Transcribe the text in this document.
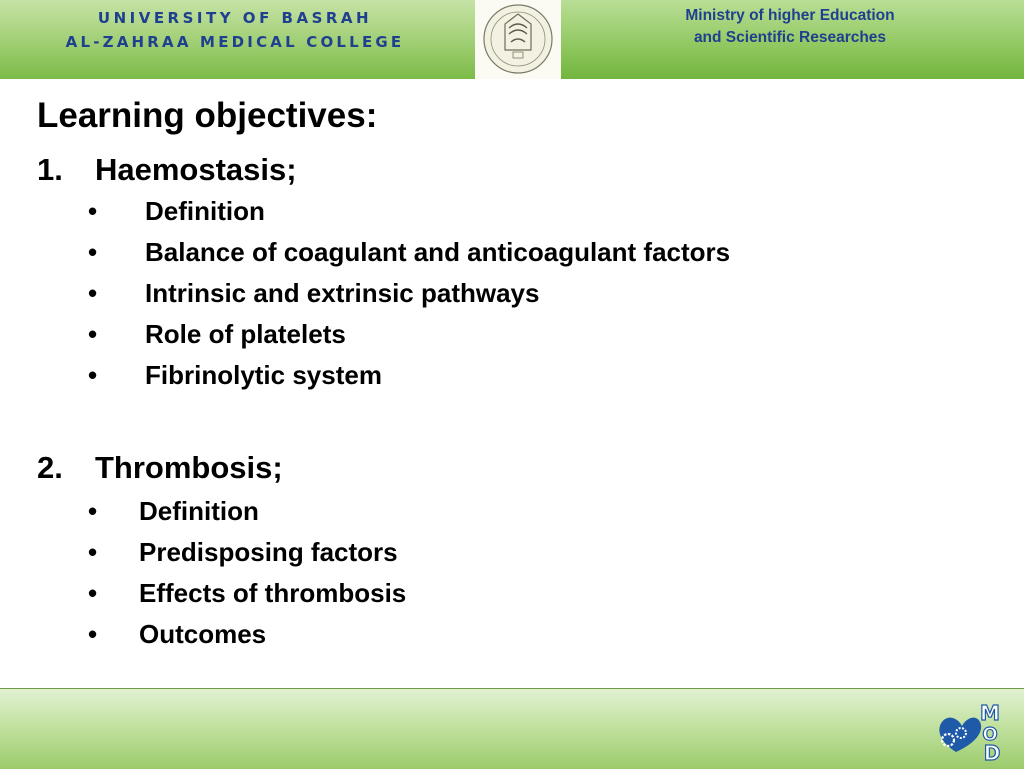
UNIVERSITY OF BASRAH
AL-ZAHRAA MEDICAL COLLEGE
Ministry of higher Education
and Scientific Researches
Learning objectives:
1. Haemostasis;
• Definition
• Balance of coagulant and anticoagulant factors
• Intrinsic and extrinsic pathways
• Role of platelets
• Fibrinolytic system
2. Thrombosis;
• Definition
• Predisposing factors
• Effects of thrombosis
• Outcomes
M
O
D
